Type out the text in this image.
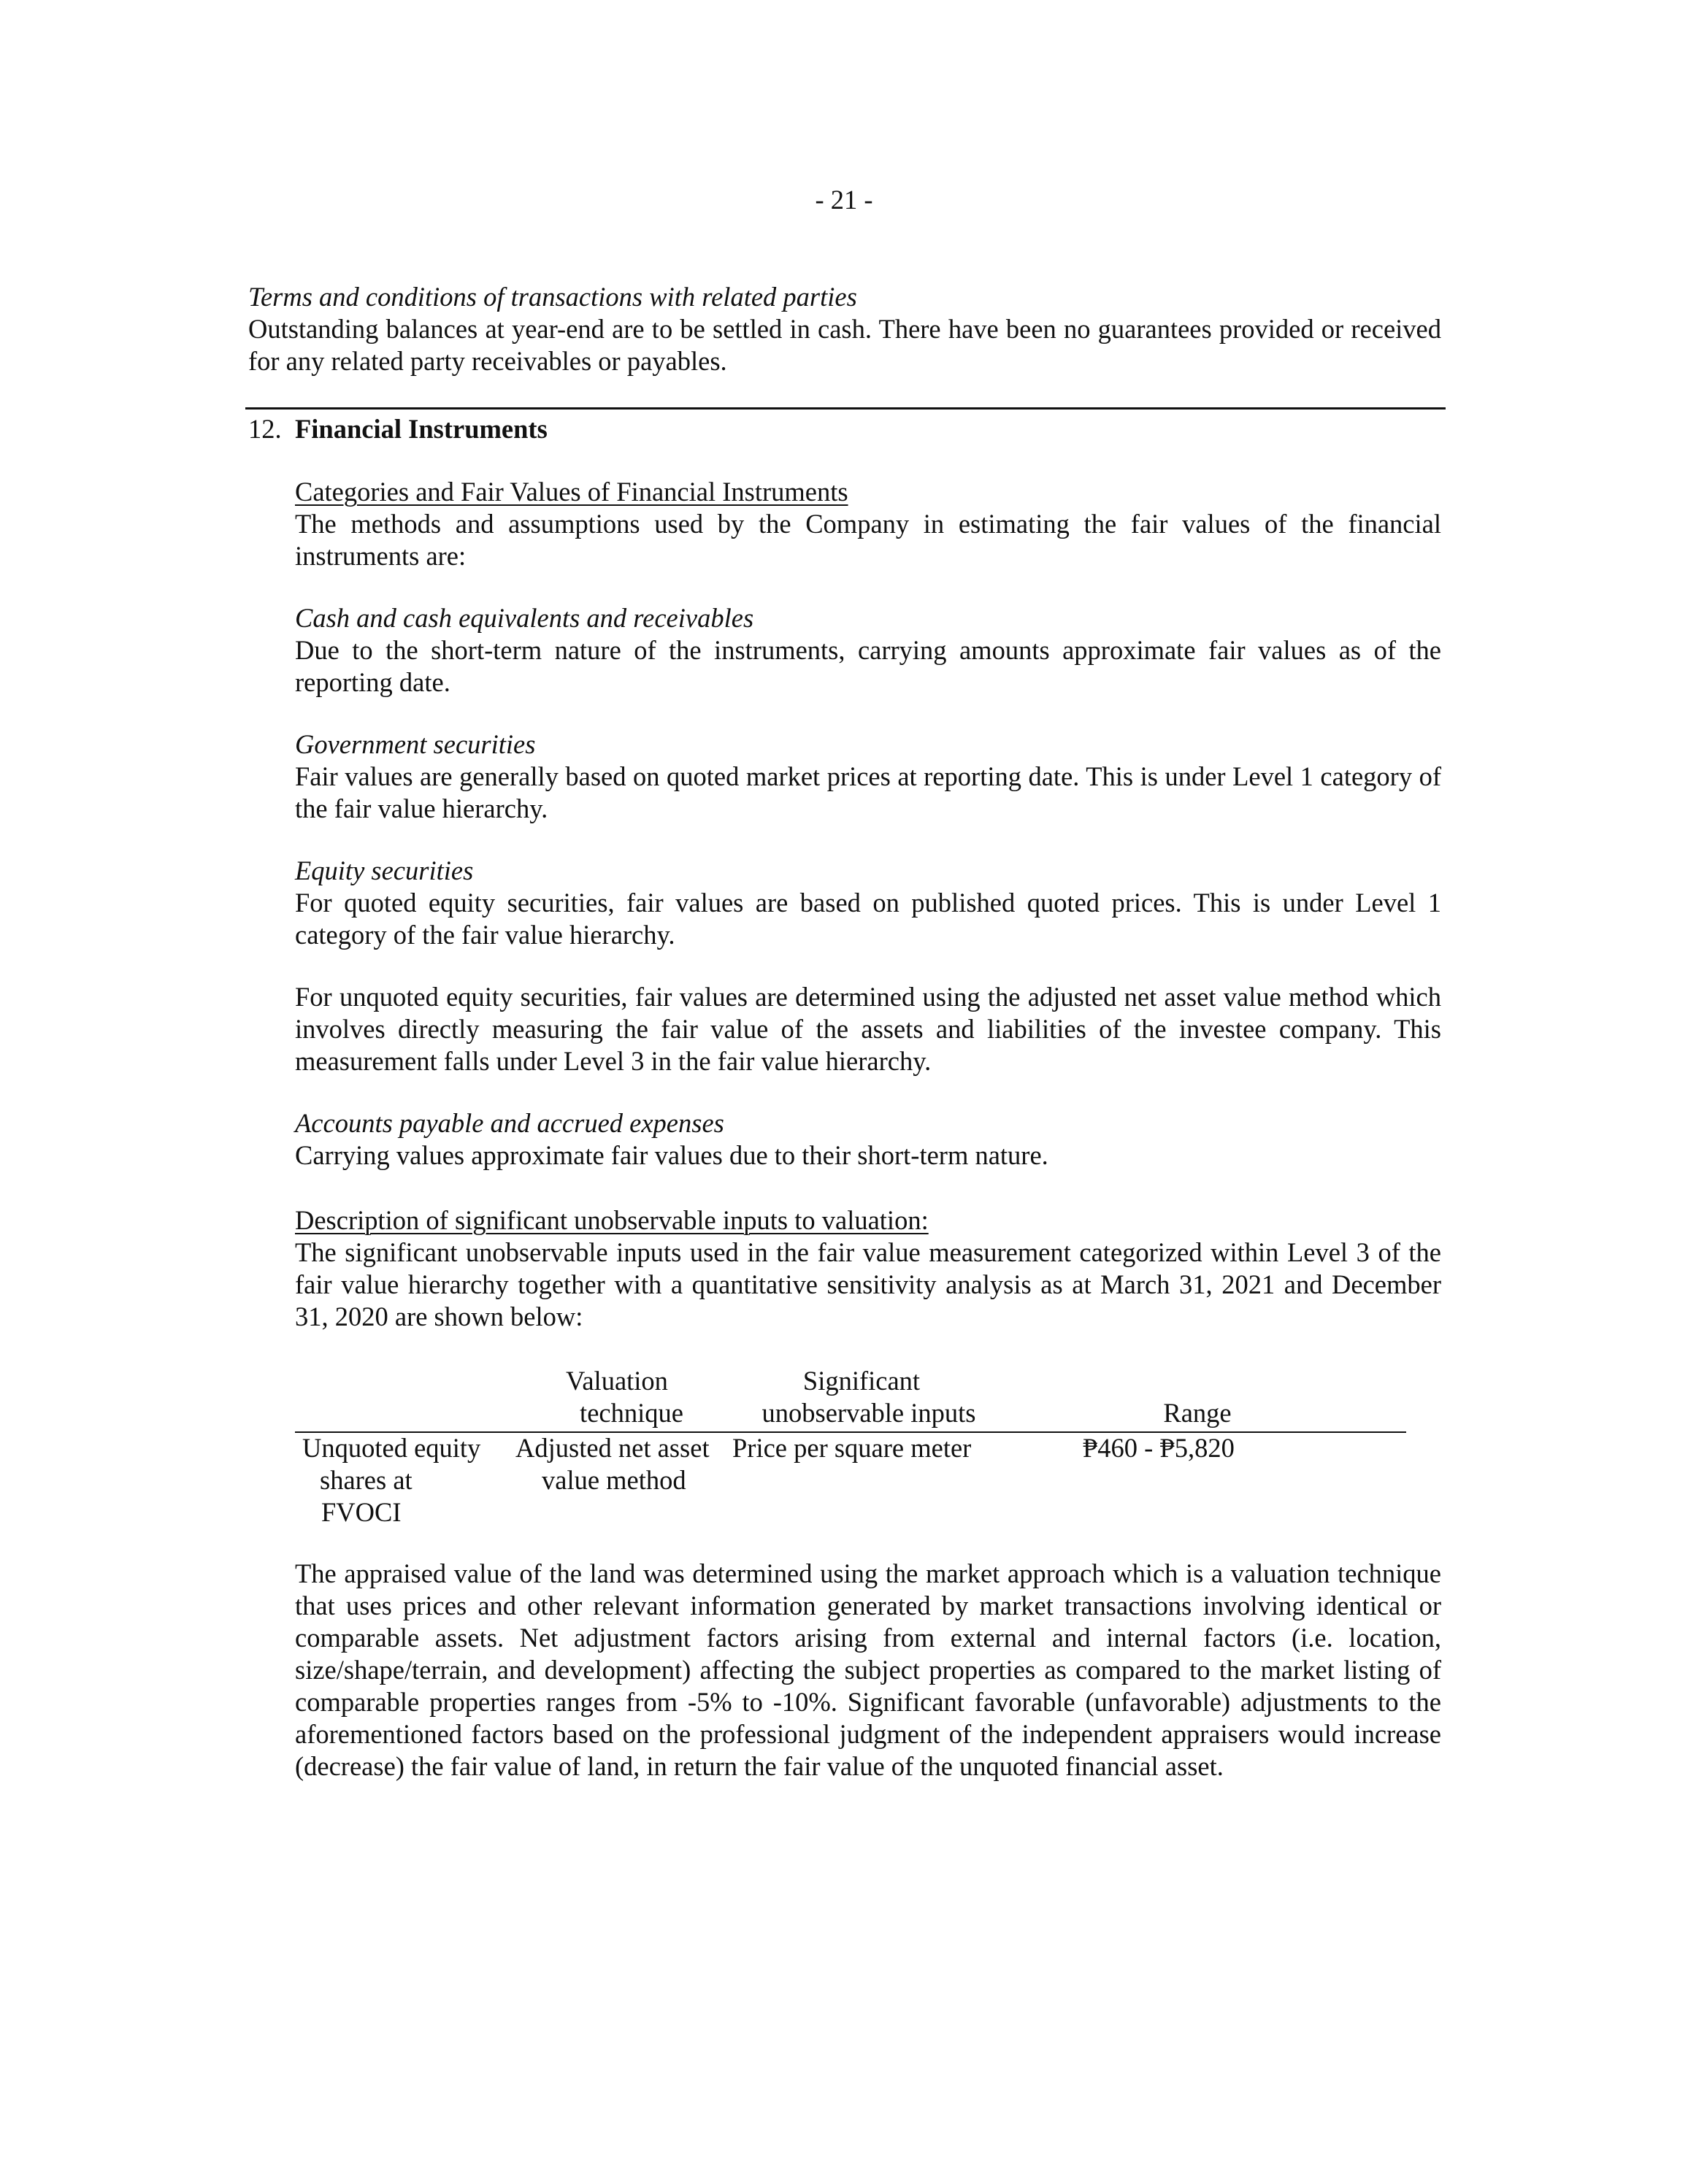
- 21 -
Terms and conditions of transactions with related parties

Outstanding balances at year-end are to be settled in cash. There have been no guarantees provided or received for any related party receivables or payables.

12. Financial Instruments
Categories and Fair Values of Financial Instruments

The methods and assumptions used by the Company in estimating the fair values of the financial instruments are:

Cash and cash equivalents and receivables

Due to the short-term nature of the instruments, carrying amounts approximate fair values as of the reporting date.

Government securities

Fair values are generally based on quoted market prices at reporting date. This is under Level 1 category of the fair value hierarchy.

Equity securities

For quoted equity securities, fair values are based on published quoted prices. This is under Level 1 category of the fair value hierarchy.

For unquoted equity securities, fair values are determined using the adjusted net asset value method which involves directly measuring the fair value of the assets and liabilities of the investee company. This measurement falls under Level 3 in the fair value hierarchy.

Accounts payable and accrued expenses

Carrying values approximate fair values due to their short-term nature.

Description of significant unobservable inputs to valuation:

The significant unobservable inputs used in the fair value measurement categorized within Level 3 of the fair value hierarchy together with a quantitative sensitivity analysis as at March 31, 2021 and December 31, 2020 are shown below:

Valuation
technique
Significant
unobservable inputs	Range
Unquoted equity
shares at
FVOCI
Adjusted net asset
value method
Price per square meter	₱460 - ₱5,820

The appraised value of the land was determined using the market approach which is a valuation technique that uses prices and other relevant information generated by market transactions involving identical or comparable assets. Net adjustment factors arising from external and internal factors (i.e. location, size/shape/terrain, and development) affecting the subject properties as compared to the market listing of comparable properties ranges from -5% to -10%. Significant favorable (unfavorable) adjustments to the aforementioned factors based on the professional judgment of the independent appraisers would increase (decrease) the fair value of land, in return the fair value of the unquoted financial asset.
